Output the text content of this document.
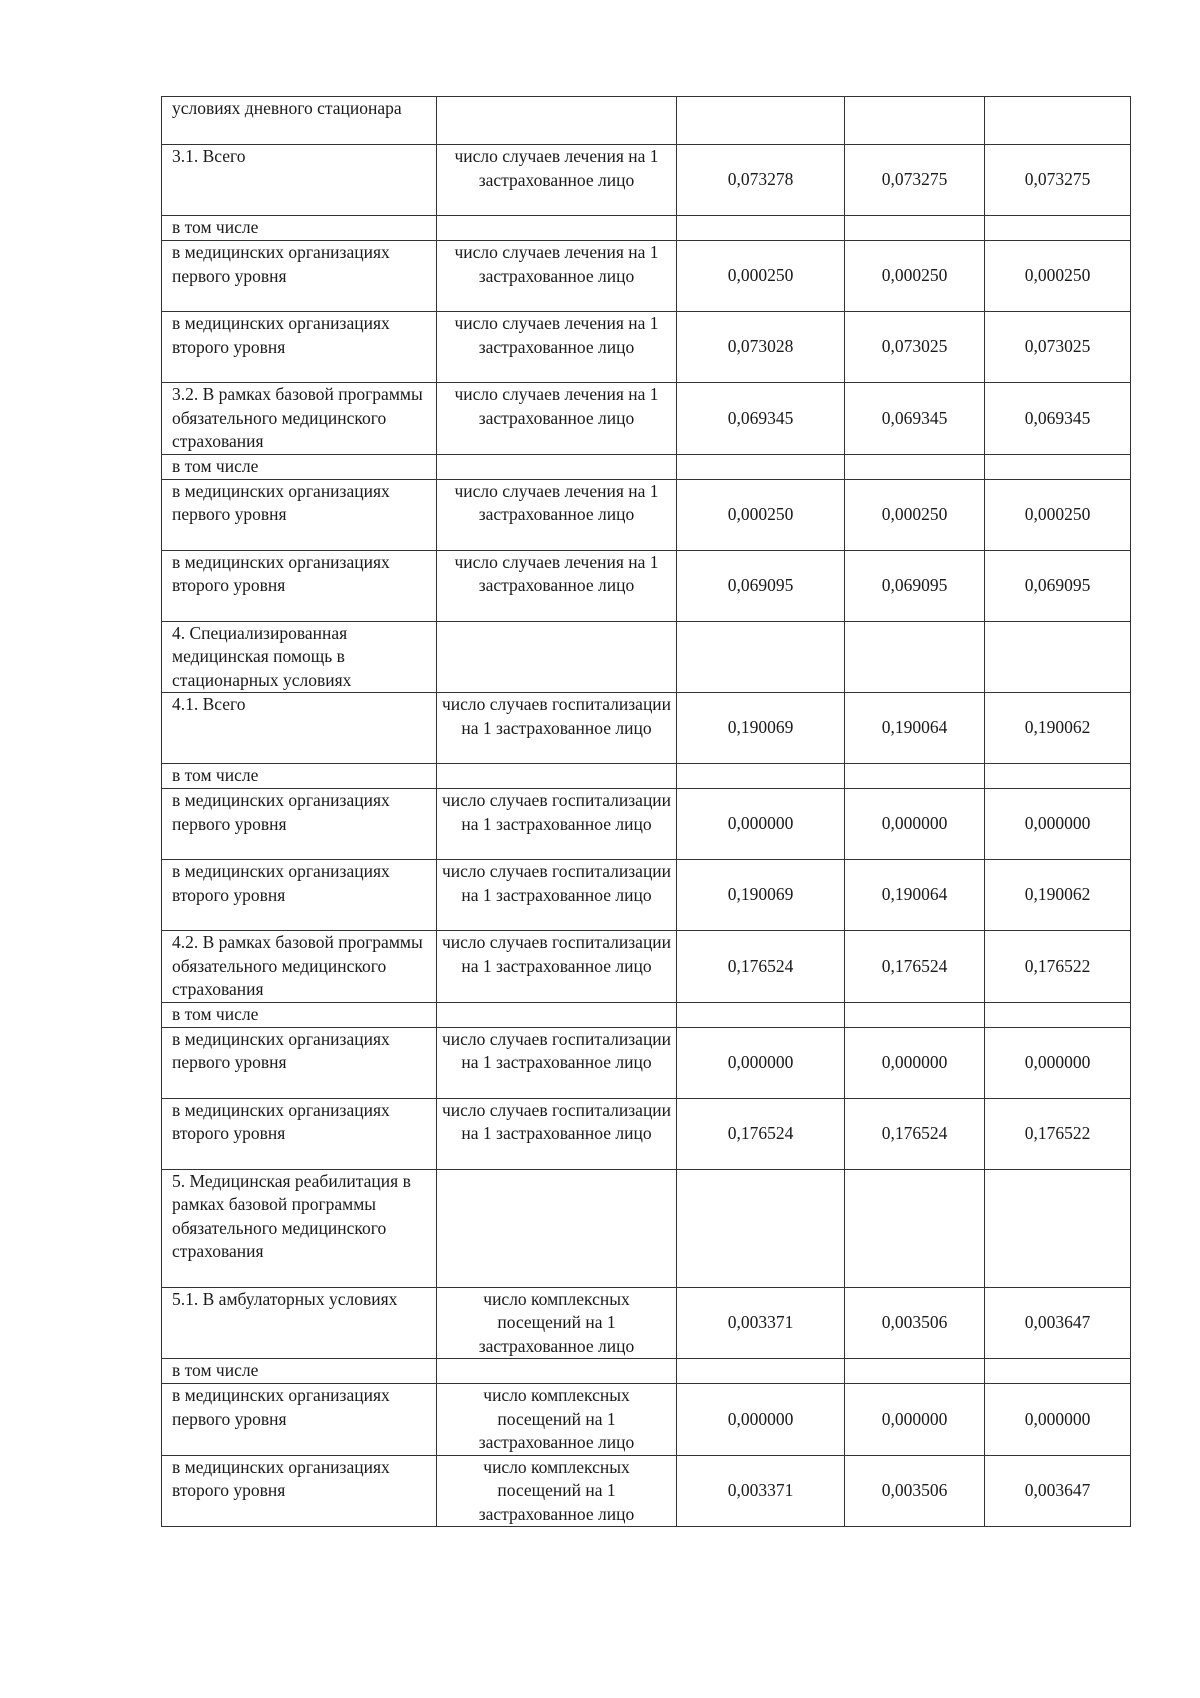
условиях дневного стационара				
3.1. Всего	число случаев лечения на 1 застрахованное лицо	0,073278	0,073275	0,073275
в том числе				
в медицинских организациях первого уровня	число случаев лечения на 1 застрахованное лицо	0,000250	0,000250	0,000250
в медицинских организациях второго уровня	число случаев лечения на 1 застрахованное лицо	0,073028	0,073025	0,073025
3.2. В рамках базовой программы обязательного медицинского страхования	число случаев лечения на 1 застрахованное лицо	0,069345	0,069345	0,069345
в том числе				
в медицинских организациях первого уровня	число случаев лечения на 1 застрахованное лицо	0,000250	0,000250	0,000250
в медицинских организациях второго уровня	число случаев лечения на 1 застрахованное лицо	0,069095	0,069095	0,069095
4. Специализированная медицинская помощь в стационарных условиях				
4.1. Всего	число случаев госпитализации на 1 застрахованное лицо	0,190069	0,190064	0,190062
в том числе				
в медицинских организациях первого уровня	число случаев госпитализации на 1 застрахованное лицо	0,000000	0,000000	0,000000
в медицинских организациях второго уровня	число случаев госпитализации на 1 застрахованное лицо	0,190069	0,190064	0,190062
4.2. В рамках базовой программы обязательного медицинского страхования	число случаев госпитализации на 1 застрахованное лицо	0,176524	0,176524	0,176522
в том числе				
в медицинских организациях первого уровня	число случаев госпитализации на 1 застрахованное лицо	0,000000	0,000000	0,000000
в медицинских организациях второго уровня	число случаев госпитализации на 1 застрахованное лицо	0,176524	0,176524	0,176522
5. Медицинская реабилитация в рамках базовой программы обязательного медицинского страхования				
5.1. В амбулаторных условиях	число комплексных посещений на 1 застрахованное лицо	0,003371	0,003506	0,003647
в том числе				
в медицинских организациях первого уровня	число комплексных посещений на 1 застрахованное лицо	0,000000	0,000000	0,000000
в медицинских организациях второго уровня	число комплексных посещений на 1 застрахованное лицо	0,003371	0,003506	0,003647
